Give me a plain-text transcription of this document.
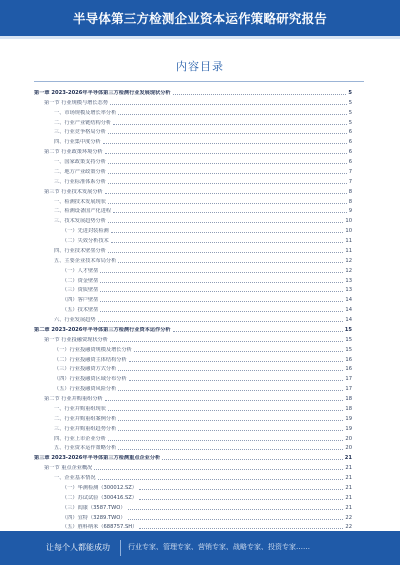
半导体第三方检测企业资本运作策略研究报告
内容目录
第一章 2023-2026年半导体第三方检测行业发展现状分析	5
第一节 行业规模与增长态势	5
一、市场规模及增长率分析	5
二、行业产业链结构分析	5
三、行业竞争格局分析	6
四、行业集中度分析	6
第二节 行业政策环境分析	6
一、国家政策支持分析	6
二、地方产业政策分析	7
三、行业标准体系分析	7
第三节 行业技术发展分析	8
一、检测技术发展现状	8
二、检测设备国产化进程	9
三、技术发展趋势分析	10
（一）先进封装检测	10
（二）失效分析技术	11
四、行业技术壁垒分析	11
五、主要企业技术布局分析	12
（一）人才壁垒	12
（二）资金壁垒	13
（三）资质壁垒	13
（四）客户壁垒	14
（五）技术壁垒	14
六、行业发展趋势	14
第二章 2023-2026年半导体第三方检测行业资本运作分析	15
第一节 行业投融资现状分析	15
（一）行业投融资规模及增长分析	15
（二）行业投融资主体结构分析	16
（三）行业投融资方式分析	16
（四）行业投融资区域分布分析	17
（五）行业投融资风险分析	17
第二节 行业并购重组分析	18
一、行业并购重组现状	18
二、行业并购重组案例分析	19
三、行业并购重组趋势分析	19
四、行业上市企业分析	20
五、行业资本运作策略分析	20
第三章 2023-2026年半导体第三方检测重点企业分析	21
第一节 重点企业概况	21
一、企业基本情况	21
（一）华测检测（300012.SZ）	21
（二）苏试试验（300416.SZ）	21
（三）闳康（3587.TWO）	21
（四）宜特（3289.TWO）	22
（五）胜科纳米（688757.SH）	22
让每个人都能成功	行业专家、管理专家、营销专家、战略专家、投资专家……
